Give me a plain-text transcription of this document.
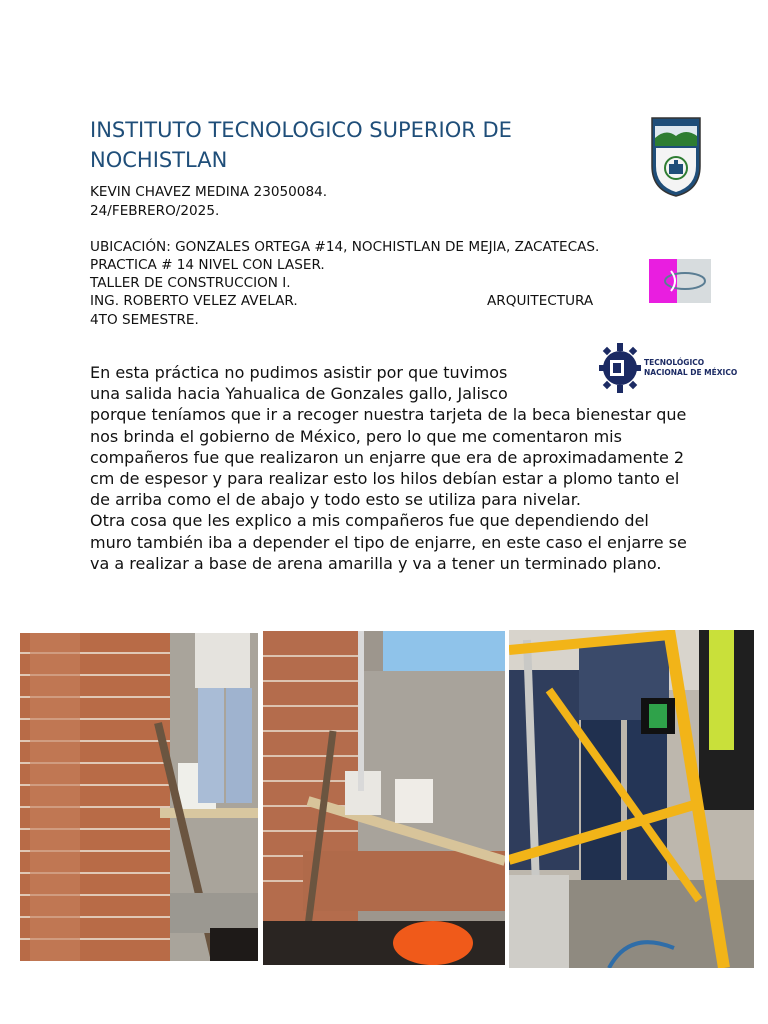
INSTITUTO TECNOLOGICO SUPERIOR DE
NOCHISTLAN
KEVIN CHAVEZ MEDINA 23050084.
24/FEBRERO/2025.
UBICACIÓN: GONZALES ORTEGA #14, NOCHISTLAN DE MEJIA, ZACATECAS.
PRACTICA # 14 NIVEL CON LASER.
TALLER DE CONSTRUCCION I.
ING. ROBERTO VELEZ AVELAR.	ARQUITECTURA
4TO SEMESTRE.
TECNOLÓGICO
NACIONAL DE MÉXICO

En esta práctica no pudimos asistir por que tuvimos
una salida hacia Yahualica de Gonzales gallo, Jalisco
porque teníamos que ir a recoger nuestra tarjeta de la beca bienestar que nos brinda el gobierno de México, pero lo que me comentaron mis compañeros fue que realizaron un enjarre que era de aproximadamente 2 cm de espesor y para realizar esto los hilos debían estar a plomo tanto el de arriba como el de abajo y todo esto se utiliza para nivelar.

Otra cosa que les explico a mis compañeros fue que dependiendo del muro también iba a depender el tipo de enjarre, en este caso el enjarre se va a realizar a base de arena amarilla y va a tener un terminado plano.
